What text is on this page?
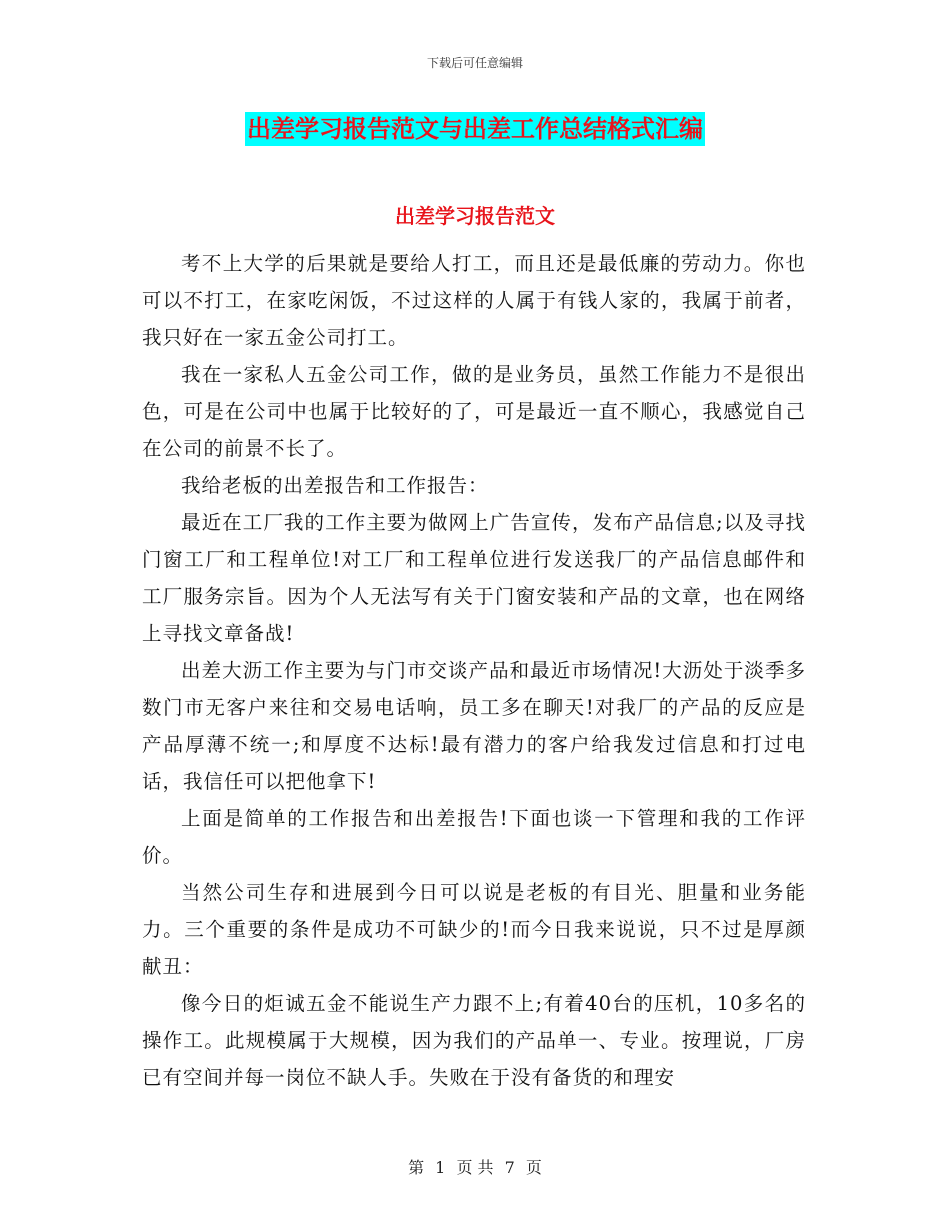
下载后可任意编辑
出差学习报告范文与出差工作总结格式汇编
出差学习报告范文

考不上大学的后果就是要给人打工，而且还是最低廉的劳动力。你也可以不打工，在家吃闲饭，不过这样的人属于有钱人家的，我属于前者，我只好在一家五金公司打工。

我在一家私人五金公司工作，做的是业务员，虽然工作能力不是很出色，可是在公司中也属于比较好的了，可是最近一直不顺心，我感觉自己在公司的前景不长了。

我给老板的出差报告和工作报告：

最近在工厂我的工作主要为做网上广告宣传，发布产品信息;以及寻找门窗工厂和工程单位!对工厂和工程单位进行发送我厂的产品信息邮件和工厂服务宗旨。因为个人无法写有关于门窗安装和产品的文章，也在网络上寻找文章备战!

出差大沥工作主要为与门市交谈产品和最近市场情况!大沥处于淡季多数门市无客户来往和交易电话响，员工多在聊天!对我厂的产品的反应是产品厚薄不统一;和厚度不达标!最有潜力的客户给我发过信息和打过电话，我信任可以把他拿下!

上面是简单的工作报告和出差报告!下面也谈一下管理和我的工作评价。

当然公司生存和进展到今日可以说是老板的有目光、胆量和业务能力。三个重要的条件是成功不可缺少的!而今日我来说说，只不过是厚颜献丑：

像今日的炬诚五金不能说生产力跟不上;有着40台的压机，10多名的操作工。此规模属于大规模，因为我们的产品单一、专业。按理说，厂房已有空间并每一岗位不缺人手。失败在于没有备货的和理安

第 1 页 共 7 页
